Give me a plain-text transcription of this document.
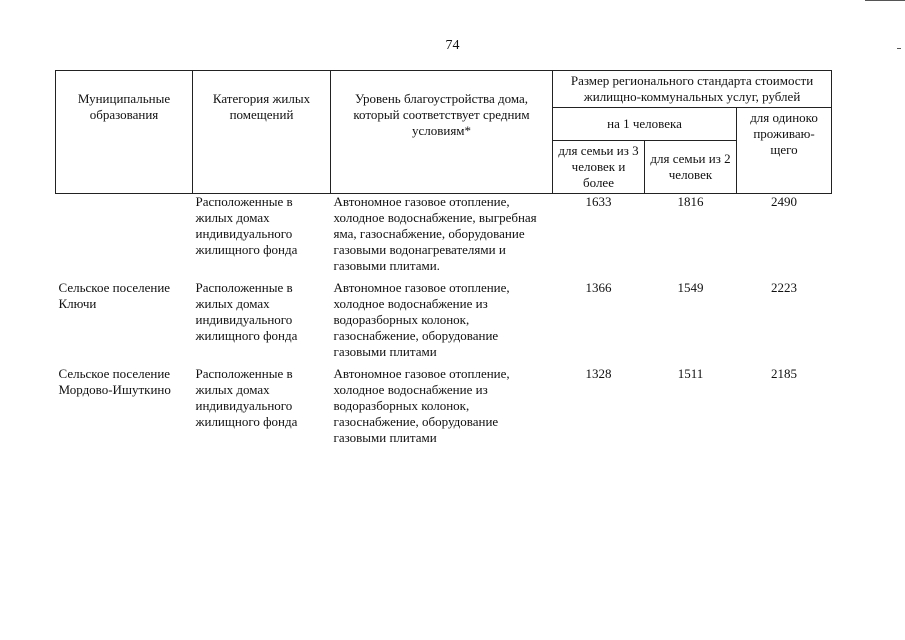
74
Муниципальные образования	Категория жилых помещений	Уровень благоустройства дома, который соответствует средним условиям*	Размер регионального стандарта стоимости жилищно-коммунальных услуг, рублей		
			на 1 человека		для одиноко проживаю-щего
			для семьи из 3 человек и более	для семьи из 2 человек	
	Расположенные в жилых домах индивидуального жилищного фонда	Автономное газовое отопление, холодное водоснабжение, выгребная яма, газоснабжение, оборудование газовыми водонагревателями и газовыми плитами.	1633	1816	2490
Сельское поселение Ключи	Расположенные в жилых домах индивидуального жилищного фонда	Автономное газовое отопление, холодное водоснабжение из водоразборных колонок, газоснабжение, оборудование газовыми плитами	1366	1549	2223
Сельское поселение Мордово-Ишуткино	Расположенные в жилых домах индивидуального жилищного фонда	Автономное газовое отопление, холодное водоснабжение из водоразборных колонок, газоснабжение, оборудование газовыми плитами	1328	1511	2185
